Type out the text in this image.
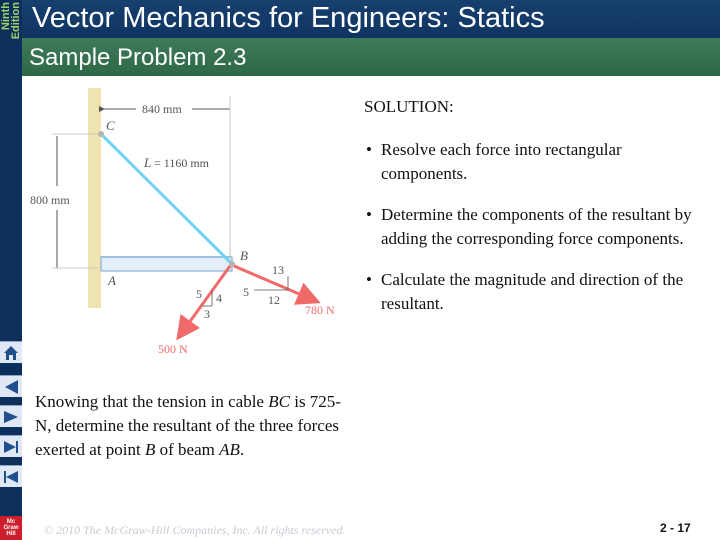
Ninth
Edition Vector Mechanics for Engineers: Statics
Sample Problem 2.3
840 mm
800 mm
L = 1160 mm
C
B
A
13
5
12
780 N
5 4
3
500 N

SOLUTION:

• Resolve each force into rectangular components.
• Determine the components of the resultant by adding the corresponding force components.
• Calculate the magnitude and direction of the resultant.
Knowing that the tension in cable BC is 725-N, determine the resultant of the three forces exerted at point B of beam AB.
Mc
Graw
Hill	© 2010 The McGraw-Hill Companies, Inc. All rights reserved.	2 - 17
